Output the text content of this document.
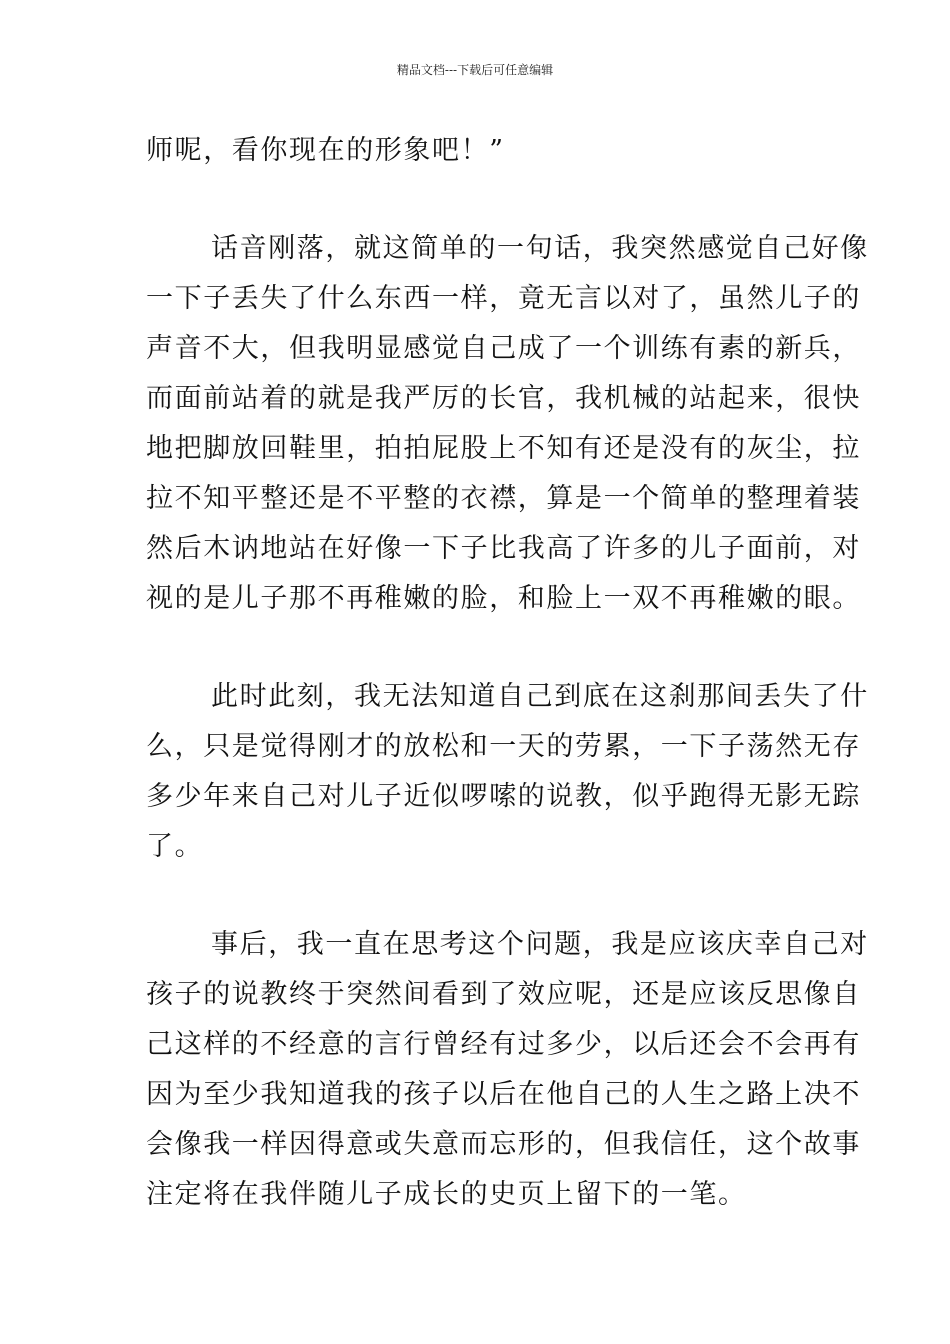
精品文档---下载后可任意编辑
师呢，看你现在的形象吧！”
话音刚落，就这简单的一句话，我突然感觉自己好像
一下子丢失了什么东西一样，竟无言以对了，虽然儿子的
声音不大，但我明显感觉自己成了一个训练有素的新兵，
而面前站着的就是我严厉的长官，我机械的站起来，很快
地把脚放回鞋里，拍拍屁股上不知有还是没有的灰尘，拉
拉不知平整还是不平整的衣襟，算是一个简单的整理着装
然后木讷地站在好像一下子比我高了许多的儿子面前，对
视的是儿子那不再稚嫩的脸，和脸上一双不再稚嫩的眼。
此时此刻，我无法知道自己到底在这刹那间丢失了什
么，只是觉得刚才的放松和一天的劳累，一下子荡然无存
多少年来自己对儿子近似啰嗦的说教，似乎跑得无影无踪
了。
事后，我一直在思考这个问题，我是应该庆幸自己对
孩子的说教终于突然间看到了效应呢，还是应该反思像自
己这样的不经意的言行曾经有过多少，以后还会不会再有
因为至少我知道我的孩子以后在他自己的人生之路上决不
会像我一样因得意或失意而忘形的，但我信任，这个故事
注定将在我伴随儿子成长的史页上留下的一笔。
